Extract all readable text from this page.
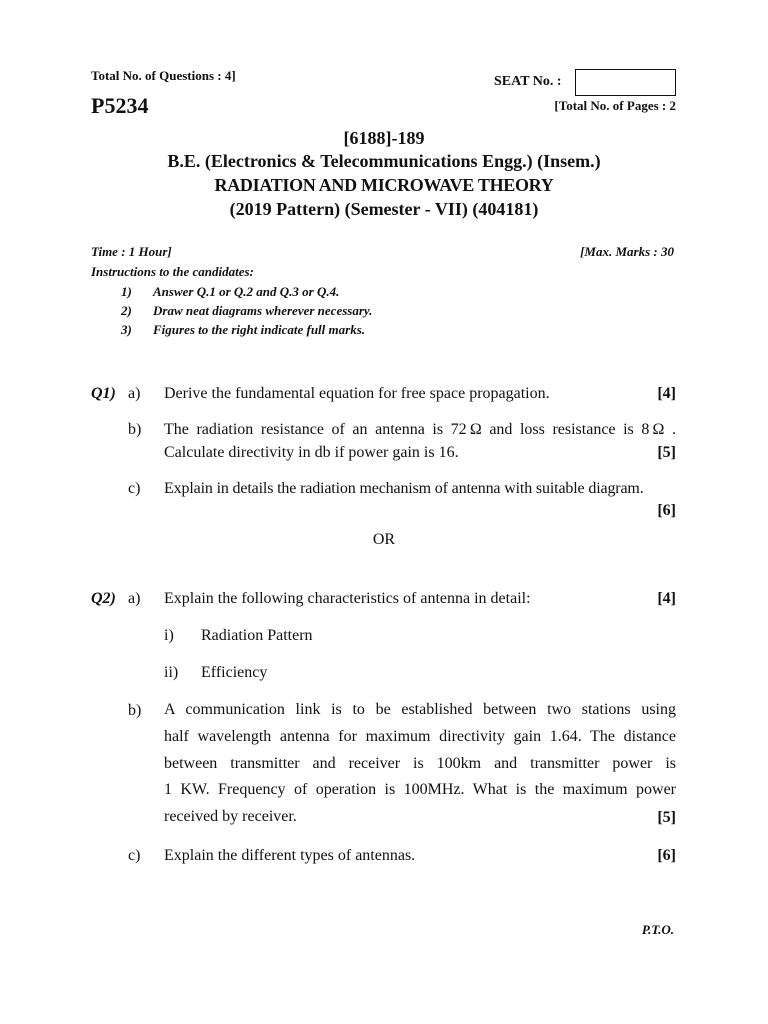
Total No. of Questions : 4]
P5234
SEAT No. :
[Total No. of Pages : 2
[6188]-189
B.E. (Electronics & Telecommunications Engg.) (Insem.)
RADIATION AND MICROWAVE THEORY
(2019 Pattern) (Semester - VII) (404181)
Time : 1 Hour]	[Max. Marks : 30
Instructions to the candidates:
1) Answer Q.1 or Q.2 and Q.3 or Q.4.
2) Draw neat diagrams wherever necessary.
3) Figures to the right indicate full marks.
Q1) a) Derive the fundamental equation for free space propagation.	[4]
b) The radiation resistance of an antenna is 72 Ω and loss resistance is 8 Ω .
Calculate directivity in db if power gain is 16.	[5]
c) Explain in details the radiation mechanism of antenna with suitable diagram.
[6]
OR
Q2) a) Explain the following characteristics of antenna in detail:	[4]
i) Radiation Pattern
ii) Efficiency
b) A communication link is to be established between two stations using
half wavelength antenna for maximum directivity gain 1.64. The distance
between transmitter and receiver is 100km and transmitter power is
1 KW. Frequency of operation is 100MHz. What is the maximum power
received by receiver.	[5]
c) Explain the different types of antennas.	[6]
P.T.O.
